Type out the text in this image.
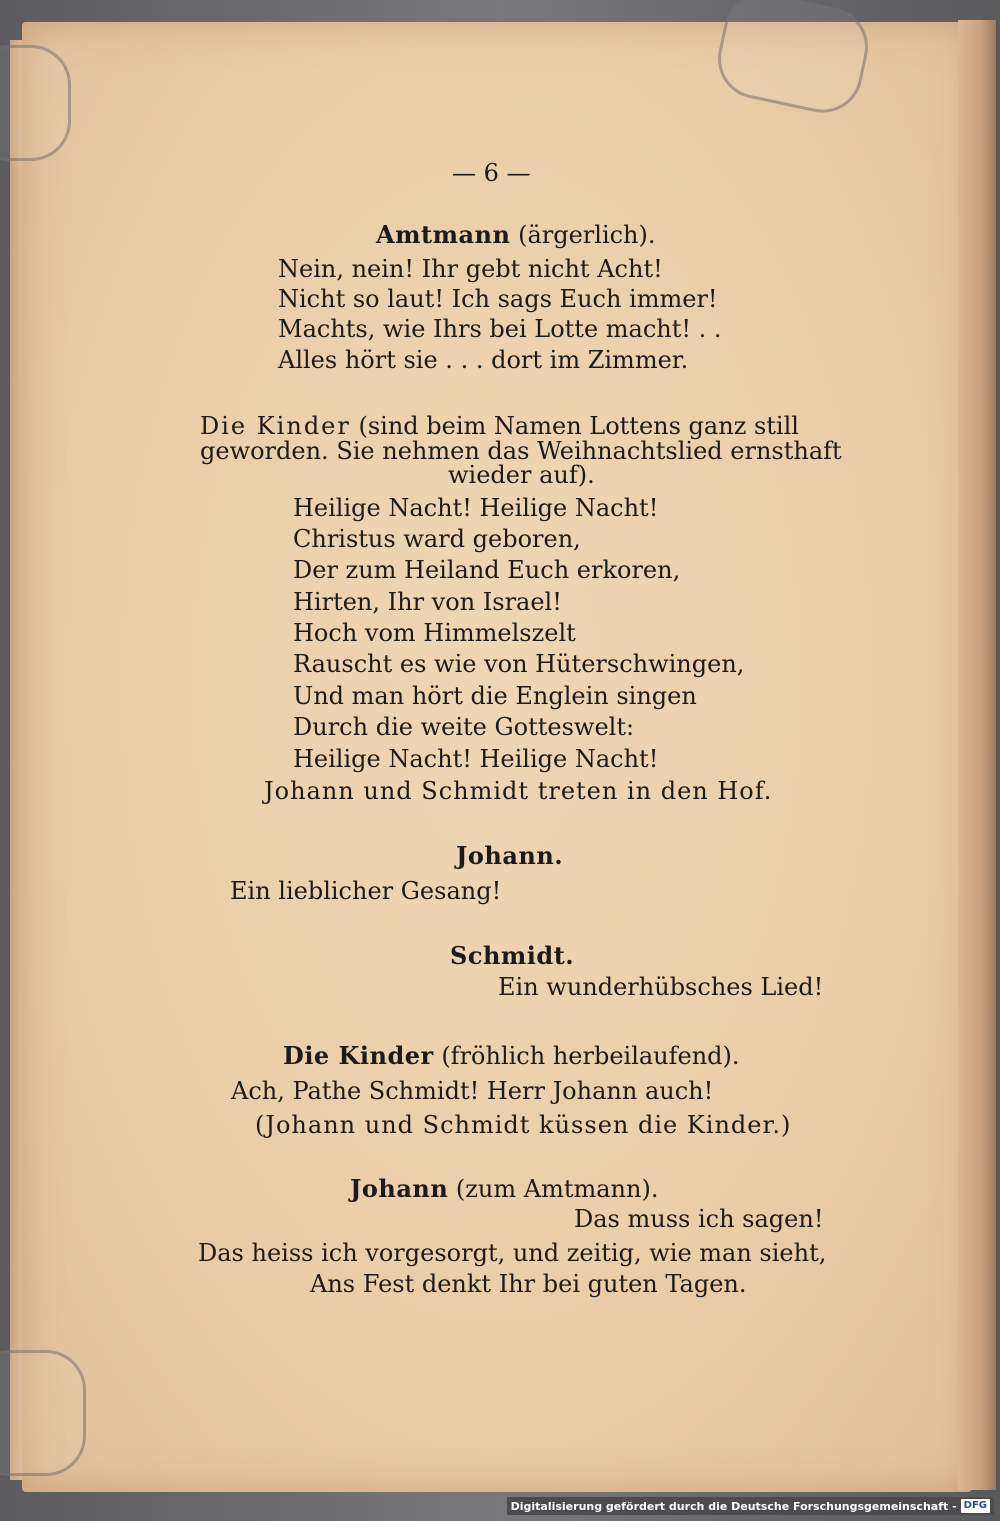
— 6 —
Amtmann (ärgerlich).
Nein, nein! Ihr gebt nicht Acht!
Nicht so laut! Ich sags Euch immer!
Machts, wie Ihrs bei Lotte macht! . .
Alles hört sie . . . dort im Zimmer.
Die Kinder (sind beim Namen Lottens ganz still
geworden. Sie nehmen das Weihnachtslied ernsthaft
wieder auf).
Heilige Nacht! Heilige Nacht!
Christus ward geboren,
Der zum Heiland Euch erkoren,
Hirten, Ihr von Israel!
Hoch vom Himmelszelt
Rauscht es wie von Hüterschwingen,
Und man hört die Englein singen
Durch die weite Gotteswelt:
Heilige Nacht! Heilige Nacht!
Johann und Schmidt treten in den Hof.
Johann.
Ein lieblicher Gesang!
Schmidt.
Ein wunderhübsches Lied!
Die Kinder (fröhlich herbeilaufend).
Ach, Pathe Schmidt! Herr Johann auch!
(Johann und Schmidt küssen die Kinder.)
Johann (zum Amtmann).
Das muss ich sagen!
Das heiss ich vorgesorgt, und zeitig, wie man sieht,
Ans Fest denkt Ihr bei guten Tagen.
Digitalisierung gefördert durch die Deutsche Forschungsgemeinschaft - DFG
